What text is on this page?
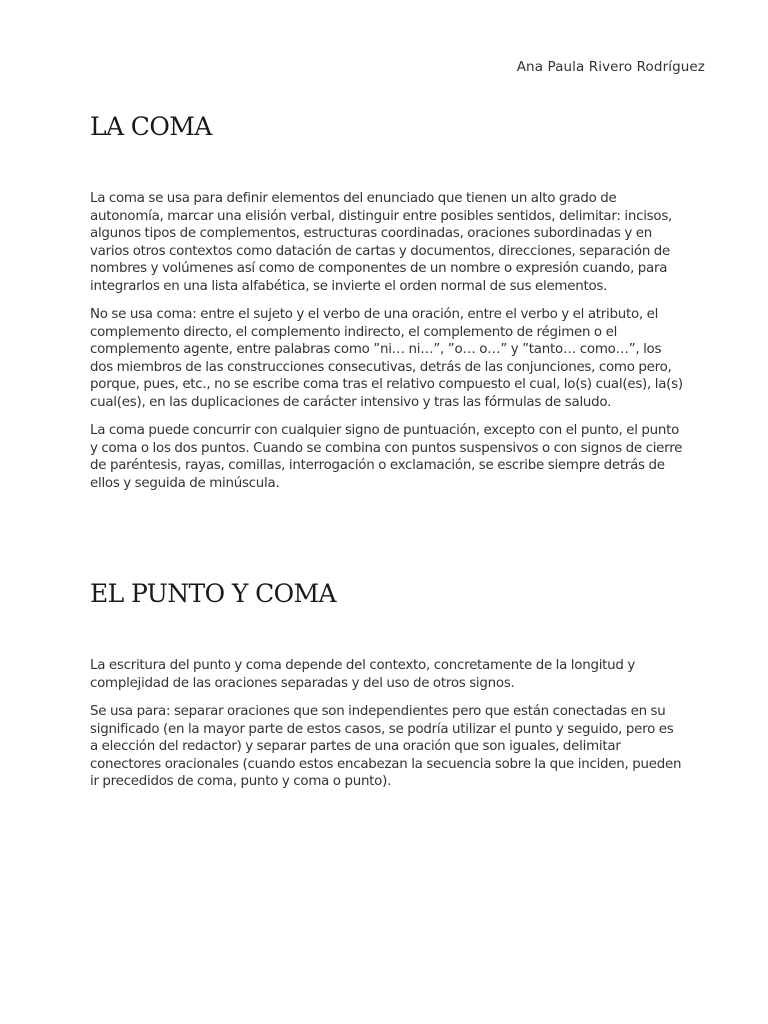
Ana Paula Rivero Rodríguez
LA COMA

La coma se usa para definir elementos del enunciado que tienen un alto grado de autonomía, marcar una elisión verbal, distinguir entre posibles sentidos, delimitar: incisos, algunos tipos de complementos, estructuras coordinadas, oraciones subordinadas y en varios otros contextos como datación de cartas y documentos, direcciones, separación de nombres y volúmenes así como de componentes de un nombre o expresión cuando, para integrarlos en una lista alfabética, se invierte el orden normal de sus elementos.

No se usa coma: entre el sujeto y el verbo de una oración, entre el verbo y el atributo, el complemento directo, el complemento indirecto, el complemento de régimen o el complemento agente, entre palabras como ”ni… ni…”, ”o… o…” y ”tanto… como…”, los dos miembros de las construcciones consecutivas, detrás de las conjunciones, como pero, porque, pues, etc., no se escribe coma tras el relativo compuesto el cual, lo(s) cual(es), la(s) cual(es), en las duplicaciones de carácter intensivo y tras las fórmulas de saludo.

La coma puede concurrir con cualquier signo de puntuación, excepto con el punto, el punto y coma o los dos puntos. Cuando se combina con puntos suspensivos o con signos de cierre de paréntesis, rayas, comillas, interrogación o exclamación, se escribe siempre detrás de ellos y seguida de minúscula.

EL PUNTO Y COMA

La escritura del punto y coma depende del contexto, concretamente de la longitud y complejidad de las oraciones separadas y del uso de otros signos.

Se usa para: separar oraciones que son independientes pero que están conectadas en su significado (en la mayor parte de estos casos, se podría utilizar el punto y seguido, pero es a elección del redactor) y separar partes de una oración que son iguales, delimitar conectores oracionales (cuando estos encabezan la secuencia sobre la que inciden, pueden ir precedidos de coma, punto y coma o punto).
